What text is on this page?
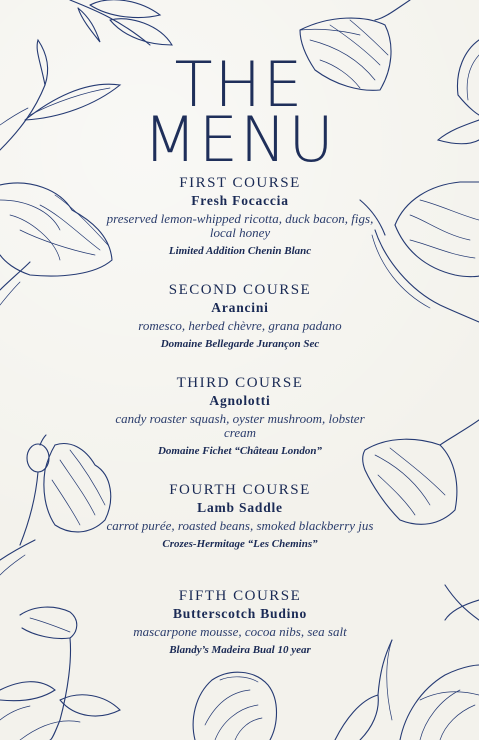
THE
MENU
FIRST COURSE
Fresh Focaccia
preserved lemon-whipped ricotta, duck bacon, figs, local honey
Limited Addition Chenin Blanc
SECOND COURSE
Arancini
romesco, herbed chèvre, grana padano
Domaine Bellegarde Jurançon Sec
THIRD COURSE
Agnolotti
candy roaster squash, oyster mushroom, lobster cream
Domaine Fichet “Château London”
FOURTH COURSE
Lamb Saddle
carrot purée, roasted beans, smoked blackberry jus
Crozes-Hermitage “Les Chemins”
FIFTH COURSE
Butterscotch Budino
mascarpone mousse, cocoa nibs, sea salt
Blandy’s Madeira Bual 10 year
